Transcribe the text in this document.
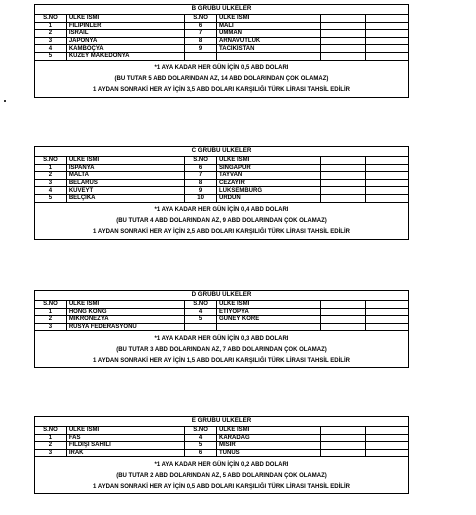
B GRUBU ÜLKELER
S.NO	ÜLKE İSMİ	S.NO	ÜLKE İSMİ
1	FİLİPİNLER	6	MALİ
2	İSRAİL	7	UMMAN
3	JAPONYA	8	ARNAVUTLUK
4	KAMBOÇYA	9	TACİKİSTAN
5	KUZEY MAKEDONYA
*1 AYA KADAR HER GÜN İÇİN 0,5 ABD DOLARI
(BU TUTAR 5 ABD DOLARINDAN AZ, 14 ABD DOLARINDAN ÇOK OLAMAZ)
1 AYDAN SONRAKİ HER AY İÇİN 3,5 ABD DOLARI KARŞILIĞI TÜRK LİRASI TAHSİL EDİLİR
C GRUBU ÜLKELER
S.NO	ÜLKE İSMİ	S.NO	ÜLKE İSMİ
1	İSPANYA	6	SİNGAPUR
2	MALTA	7	TAYVAN
3	BELARUS	8	CEZAYİR
4	KUVEYT	9	LÜKSEMBURG
5	BELÇİKA	10	ÜRDÜN
*1 AYA KADAR HER GÜN İÇİN 0,4 ABD DOLARI
(BU TUTAR 4 ABD DOLARINDAN AZ, 9 ABD DOLARINDAN ÇOK OLAMAZ)
1 AYDAN SONRAKİ HER AY İÇİN 2,5 ABD DOLARI KARŞILIĞI TÜRK LİRASI TAHSİL EDİLİR
D GRUBU ÜLKELER
S.NO	ÜLKE İSMİ	S.NO	ÜLKE İSMİ
1	HONG KONG	4	ETİYOPYA
2	MİKRONEZYA	5	GÜNEY KORE
3	RUSYA FEDERASYONU
*1 AYA KADAR HER GÜN İÇİN 0,3 ABD DOLARI
(BU TUTAR 3 ABD DOLARINDAN AZ, 7 ABD DOLARINDAN ÇOK OLAMAZ)
1 AYDAN SONRAKİ HER AY İÇİN 1,5 ABD DOLARI KARŞILIĞI TÜRK LİRASI TAHSİL EDİLİR
E GRUBU ÜLKELER
S.NO	ÜLKE İSMİ	S.NO	ÜLKE İSMİ
1	FAS	4	KARADAĞ
2	FİLDİŞİ SAHİLİ	5	MISIR
3	IRAK	6	TUNUS
*1 AYA KADAR HER GÜN İÇİN 0,2 ABD DOLARI
(BU TUTAR 2 ABD DOLARINDAN AZ, 5 ABD DOLARINDAN ÇOK OLAMAZ)
1 AYDAN SONRAKİ HER AY İÇİN 0,5 ABD DOLARI KARŞILIĞI TÜRK LİRASI TAHSİL EDİLİR
